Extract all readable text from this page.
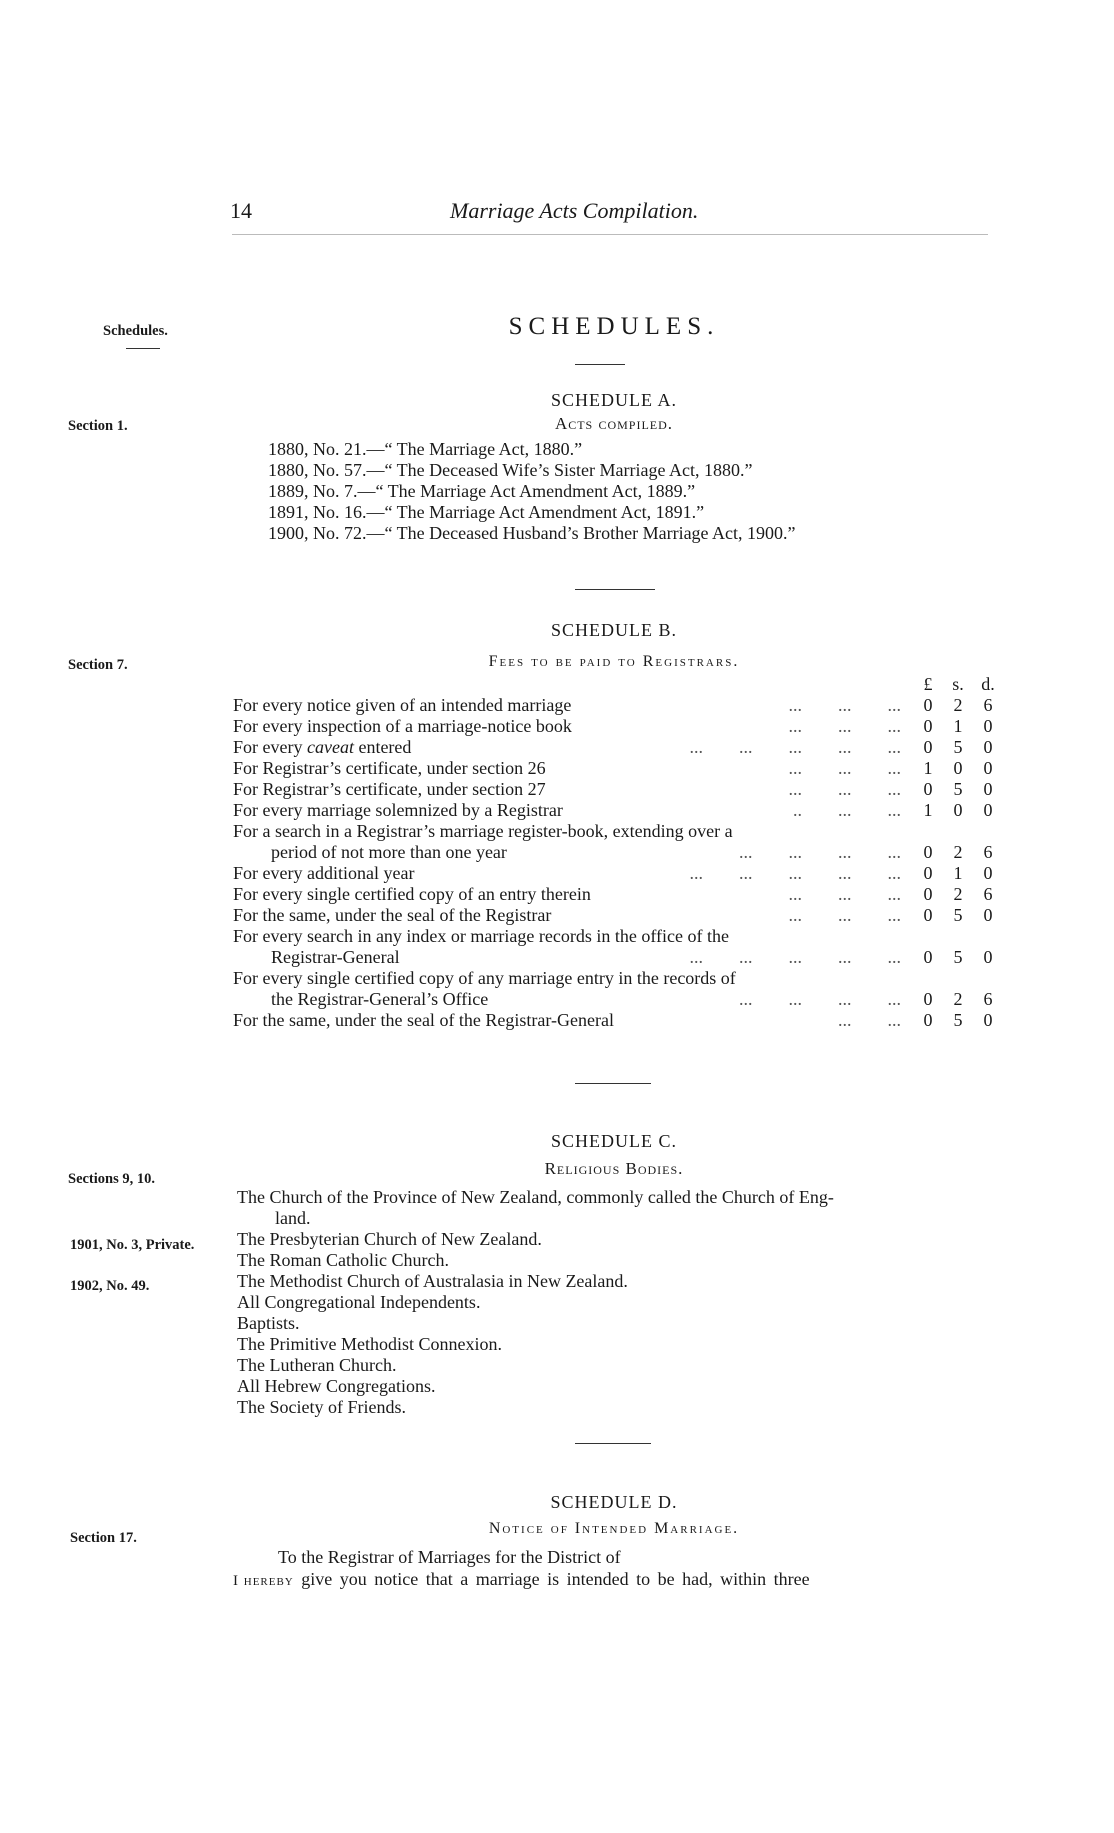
14	Marriage Acts Compilation.
Schedules.
Section 1.
Section 7.
Sections 9, 10.
1901, No. 3, Private.
1902, No. 49.
Section 17.
SCHEDULES.
SCHEDULE A.
Acts compiled.
1880, No. 21.—“ The Marriage Act, 1880.”
1880, No. 57.—“ The Deceased Wife’s Sister Marriage Act, 1880.”
1889, No. 7.—“ The Marriage Act Amendment Act, 1889.”
1891, No. 16.—“ The Marriage Act Amendment Act, 1891.”
1900, No. 72.—“ The Deceased Husband’s Brother Marriage Act, 1900.”
SCHEDULE B.
Fees to be paid to Registrars.
£	s. d.
For every notice given of an intended marriage	...        ...        ...	0	2	6
For every inspection of a marriage-notice book	...        ...        ...	0	1	0
For every caveat entered	...        ...        ...        ...        ...	0	5	0
For Registrar’s certificate, under section 26	...        ...        ...	1	0	0
For Registrar’s certificate, under section 27	...        ...        ...	0	5	0
For every marriage solemnized by a Registrar	..        ...        ...	1	0	0
For a search in a Registrar’s marriage register-book, extending over a
period of not more than one year	...        ...        ...        ...	0	2	6
For every additional year	...        ...        ...        ...        ...	0	1	0
For every single certified copy of an entry therein	...        ...        ...	0	2	6
For the same, under the seal of the Registrar	...        ...        ...	0	5	0
For every search in any index or marriage records in the office of the
Registrar-General	...        ...        ...        ...        ...	0	5	0
For every single certified copy of any marriage entry in the records of
the Registrar-General’s Office	...        ...        ...        ...	0	2	6
For the same, under the seal of the Registrar-General	...        ...	0	5	0
SCHEDULE C.
Religious Bodies.
The Church of the Province of New Zealand, commonly called the Church of Eng-
land.
The Presbyterian Church of New Zealand.
The Roman Catholic Church.
The Methodist Church of Australasia in New Zealand.
All Congregational Independents.
Baptists.
The Primitive Methodist Connexion.
The Lutheran Church.
All Hebrew Congregations.
The Society of Friends.
SCHEDULE D.
Notice of Intended Marriage.
To the Registrar of Marriages for the District of
I hereby give you notice that a marriage is intended to be had, within three
